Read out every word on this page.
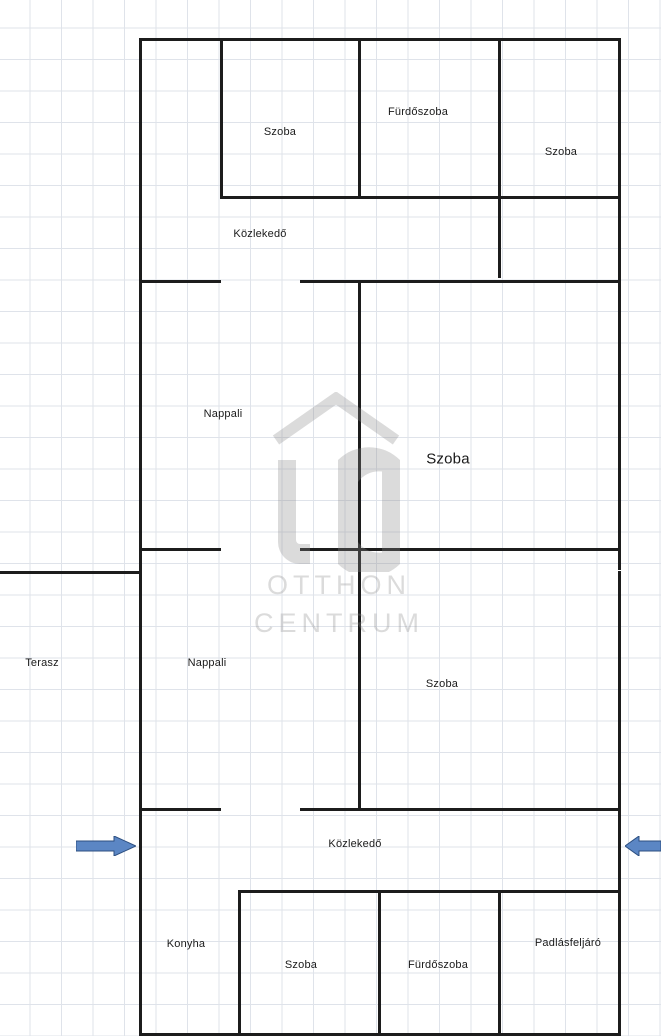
OTTHON
CENTRUM
Szoba
Fürdőszoba
Szoba
Közlekedő
Nappali
Szoba
Terasz	Nappali
Szoba
Közlekedő
Konyha
Szoba	Fürdőszoba
Padlásfeljáró
